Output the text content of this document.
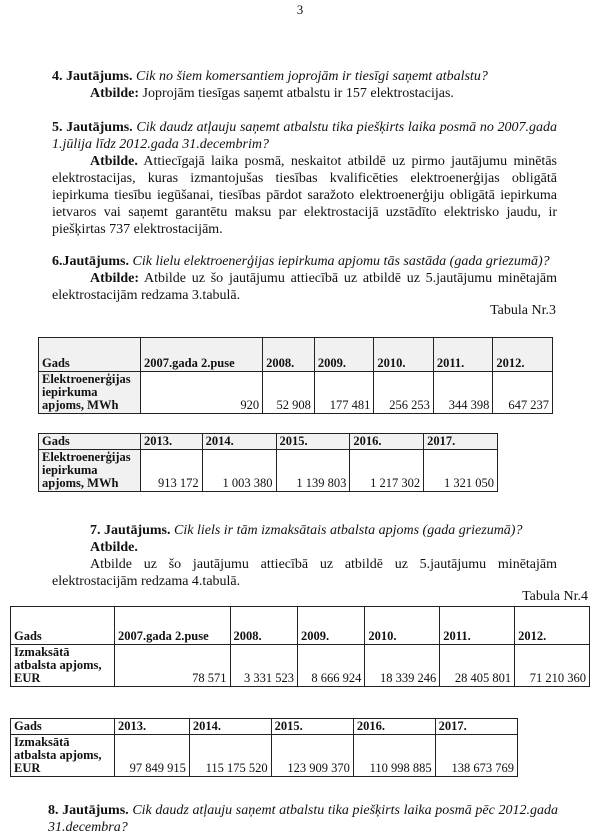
3

4. Jautājums. Cik no šiem komersantiem joprojām ir tiesīgi saņemt atbalstu?

Atbilde: Joprojām tiesīgas saņemt atbalstu ir 157 elektrostacijas.

5. Jautājums. Cik daudz atļauju saņemt atbalstu tika piešķirts laika posmā no 2007.gada 1.jūlija līdz 2012.gada 31.decembrim?

Atbilde. Attiecīgajā laika posmā, neskaitot atbildē uz pirmo jautājumu minētās elektrostacijas, kuras izmantojušas tiesības kvalificēties elektroenerģijas obligātā iepirkuma tiesību iegūšanai, tiesības pārdot saražoto elektroenerģiju obligātā iepirkuma ietvaros vai saņemt garantētu maksu par elektrostacijā uzstādīto elektrisko jaudu, ir piešķirtas 737 elektrostacijām.

6.Jautājums. Cik lielu elektroenerģijas iepirkuma apjomu tās sastāda (gada griezumā)?

Atbilde: Atbilde uz šo jautājumu attiecībā uz atbildē uz 5.jautājumu minētajām elektrostacijām redzama 3.tabulā.

Tabula Nr.3
Gads	2007.gada 2.puse	2008.	2009.	2010.	2011.	2012.
Elektroenerģijas iepirkuma apjoms, MWh	920	52 908	177 481	256 253	344 398	647 237
Gads	2013.	2014.	2015.	2016.	2017.
Elektroenerģijas iepirkuma apjoms, MWh	913 172	1 003 380	1 139 803	1 217 302	1 321 050

7. Jautājums. Cik liels ir tām izmaksātais atbalsta apjoms (gada griezumā)?

Atbilde.

Atbilde uz šo jautājumu attiecībā uz atbildē uz 5.jautājumu minētajām elektrostacijām redzama 4.tabulā.

Tabula Nr.4
Gads	2007.gada 2.puse	2008.	2009.	2010.	2011.	2012.
Izmaksātā atbalsta apjoms, EUR	78 571	3 331 523	8 666 924	18 339 246	28 405 801	71 210 360
Gads	2013.	2014.	2015.	2016.	2017.
Izmaksātā atbalsta apjoms, EUR	97 849 915	115 175 520	123 909 370	110 998 885	138 673 769

8. Jautājums. Cik daudz atļauju saņemt atbalstu tika piešķirts laika posmā pēc 2012.gada 31.decembra?
